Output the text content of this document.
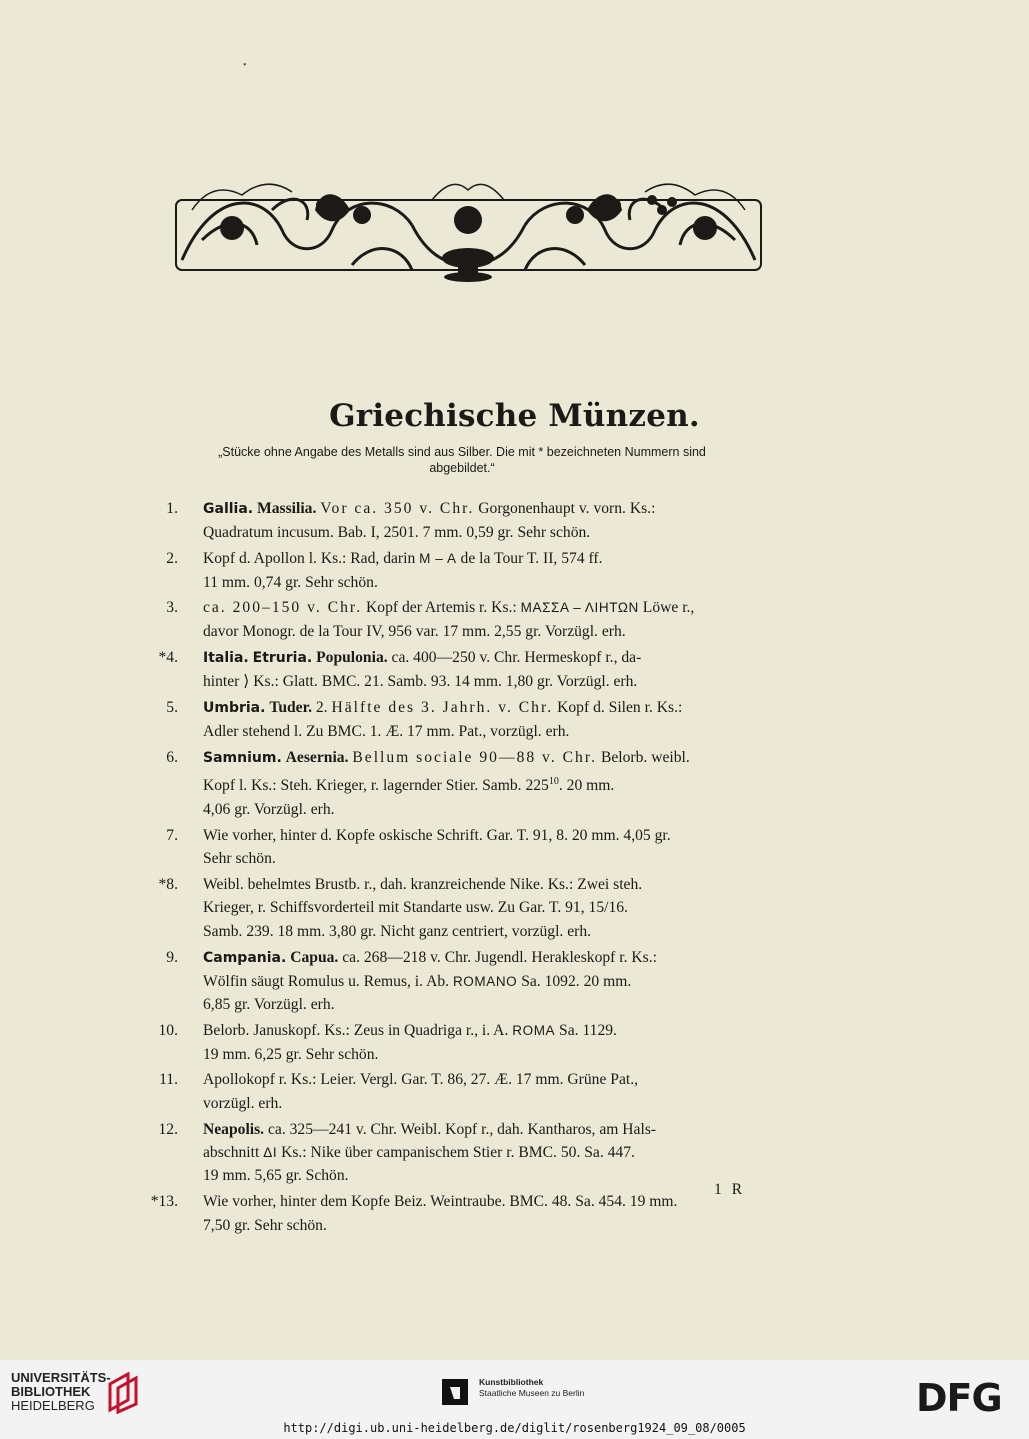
•
Griechische Münzen.
„Stücke ohne Angabe des Metalls sind aus Silber. Die mit * bezeichneten Nummern sind
abgebildet.“
1. Gallia. Massilia. Vor ca. 350 v. Chr. Gorgonenhaupt v. vorn. Ks.:
Quadratum incusum. Bab. I, 2501. 7 mm. 0,59 gr. Sehr schön.
2. Kopf d. Apollon l. Ks.: Rad, darin M – A de la Tour T. II, 574 ff.
11 mm. 0,74 gr. Sehr schön.
3. ca. 200–150 v. Chr. Kopf der Artemis r. Ks.: ΜΑΣΣΑ – ΛΙΗΤΩΝ Löwe r.,
davor Monogr. de la Tour IV, 956 var. 17 mm. 2,55 gr. Vorzügl. erh.
*4. Italia. Etruria. Populonia. ca. 400—250 v. Chr. Hermeskopf r., da-
hinter ⟩ Ks.: Glatt. BMC. 21. Samb. 93. 14 mm. 1,80 gr. Vorzügl. erh.
5. Umbria. Tuder. 2. Hälfte des 3. Jahrh. v. Chr. Kopf d. Silen r. Ks.:
Adler stehend l. Zu BMC. 1. Æ. 17 mm. Pat., vorzügl. erh.
6. Samnium. Aesernia. Bellum sociale 90—88 v. Chr. Belorb. weibl.
Kopf l. Ks.: Steh. Krieger, r. lagernder Stier. Samb. $225^{10}$. 20 mm.
4,06 gr. Vorzügl. erh.
7. Wie vorher, hinter d. Kopfe oskische Schrift. Gar. T. 91, 8. 20 mm. 4,05 gr.
Sehr schön.
*8. Weibl. behelmtes Brustb. r., dah. kranzreichende Nike. Ks.: Zwei steh.
Krieger, r. Schiffsvorderteil mit Standarte usw. Zu Gar. T. 91, 15/16.
Samb. 239. 18 mm. 3,80 gr. Nicht ganz centriert, vorzügl. erh.
9. Campania. Capua. ca. 268—218 v. Chr. Jugendl. Herakleskopf r. Ks.:
Wölfin säugt Romulus u. Remus, i. Ab. ROMANO Sa. 1092. 20 mm.
6,85 gr. Vorzügl. erh.
10. Belorb. Januskopf. Ks.: Zeus in Quadriga r., i. A. ROMA Sa. 1129.
19 mm. 6,25 gr. Sehr schön.
11. Apollokopf r. Ks.: Leier. Vergl. Gar. T. 86, 27. Æ. 17 mm. Grüne Pat.,
vorzügl. erh.
12. Neapolis. ca. 325—241 v. Chr. Weibl. Kopf r., dah. Kantharos, am Hals-
abschnitt ΔΙ Ks.: Nike über campanischem Stier r. BMC. 50. Sa. 447.
19 mm. 5,65 gr. Schön.
*13. Wie vorher, hinter dem Kopfe Beiz. Weintraube. BMC. 48. Sa. 454. 19 mm.
7,50 gr. Sehr schön.
1 R
UNIVERSITÄTS-
BIBLIOTHEK
HEIDELBERG
Kunstbibliothek
Staatliche Museen zu Berlin	DFG
http://digi.ub.uni-heidelberg.de/diglit/rosenberg1924_09_08/0005
